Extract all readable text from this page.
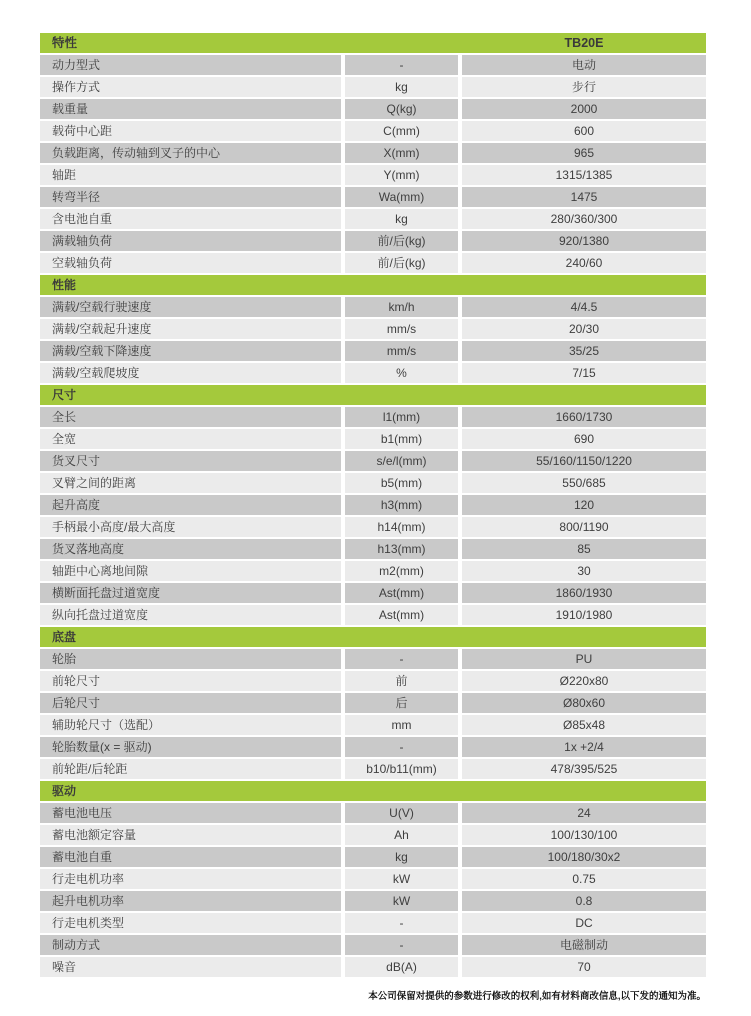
特性	TB20E
动力型式	-	电动
操作方式	kg	步行
载重量	Q(kg)	2000
载荷中心距	C(mm)	600
负载距离，传动轴到叉子的中心	X(mm)	965
轴距	Y(mm)	1315/1385
转弯半径	Wa(mm)	1475
含电池自重	kg	280/360/300
满载轴负荷	前/后(kg)	920/1380
空载轴负荷	前/后(kg)	240/60
性能
满载/空载行驶速度	km/h	4/4.5
满载/空载起升速度	mm/s	20/30
满载/空载下降速度	mm/s	35/25
满载/空载爬坡度	%	7/15
尺寸
全长	l1(mm)	1660/1730
全宽	b1(mm)	690
货叉尺寸	s/e/l(mm)	55/160/1150/1220
叉臂之间的距离	b5(mm)	550/685
起升高度	h3(mm)	120
手柄最小高度/最大高度	h14(mm)	800/1190
货叉落地高度	h13(mm)	85
轴距中心离地间隙	m2(mm)	30
横断面托盘过道宽度	Ast(mm)	1860/1930
纵向托盘过道宽度	Ast(mm)	1910/1980
底盘
轮胎	-	PU
前轮尺寸	前	Ø220x80
后轮尺寸	后	Ø80x60
辅助轮尺寸（选配）	mm	Ø85x48
轮胎数量(x = 驱动)	-	1x +2/4
前轮距/后轮距	b10/b11(mm)	478/395/525
驱动
蓄电池电压	U(V)	24
蓄电池额定容量	Ah	100/130/100
蓄电池自重	kg	100/180/30x2
行走电机功率	kW	0.75
起升电机功率	kW	0.8
行走电机类型	-	DC
制动方式	-	电磁制动
噪音	dB(A)	70
本公司保留对提供的参数进行修改的权利,如有材料商改信息,以下发的通知为准。
